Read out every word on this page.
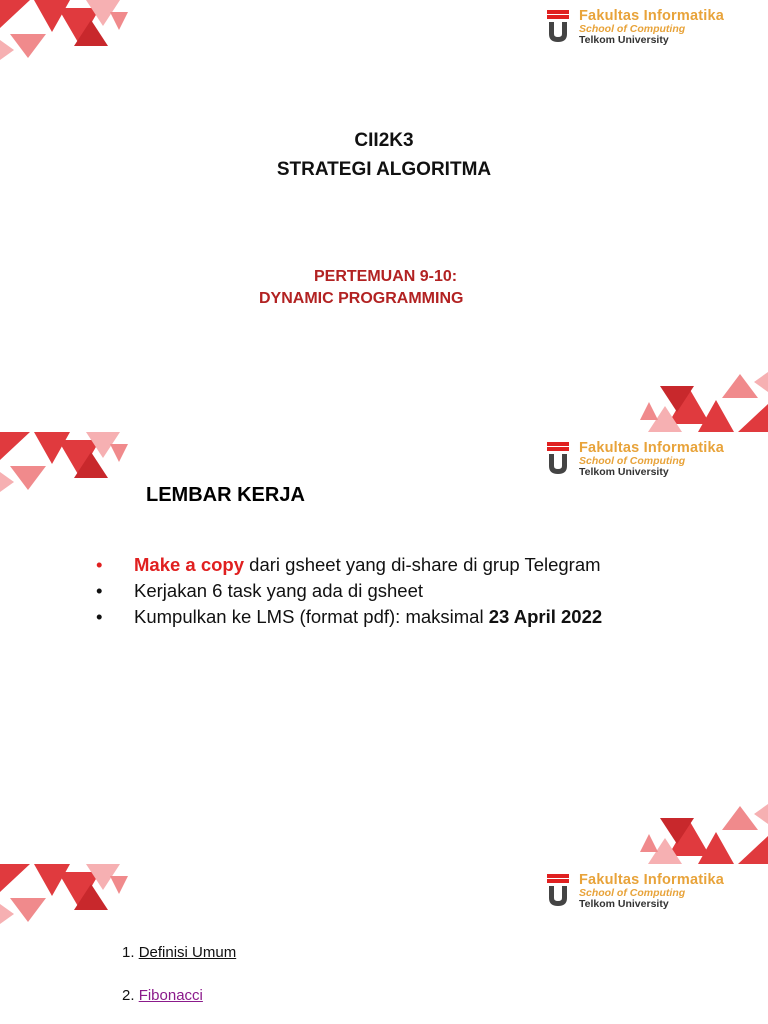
Fakultas Informatika
School of Computing
Telkom University
CII2K3
STRATEGI ALGORITMA
PERTEMUAN 9-10:
DYNAMIC PROGRAMMING
Fakultas Informatika
School of Computing
Telkom University
LEMBAR KERJA
• Make a copy dari gsheet yang di-share di grup Telegram
• Kerjakan 6 task yang ada di gsheet
• Kumpulkan ke LMS (format pdf): maksimal 23 April 2022
Fakultas Informatika
School of Computing
Telkom University
1. Definisi Umum
2. Fibonacci
